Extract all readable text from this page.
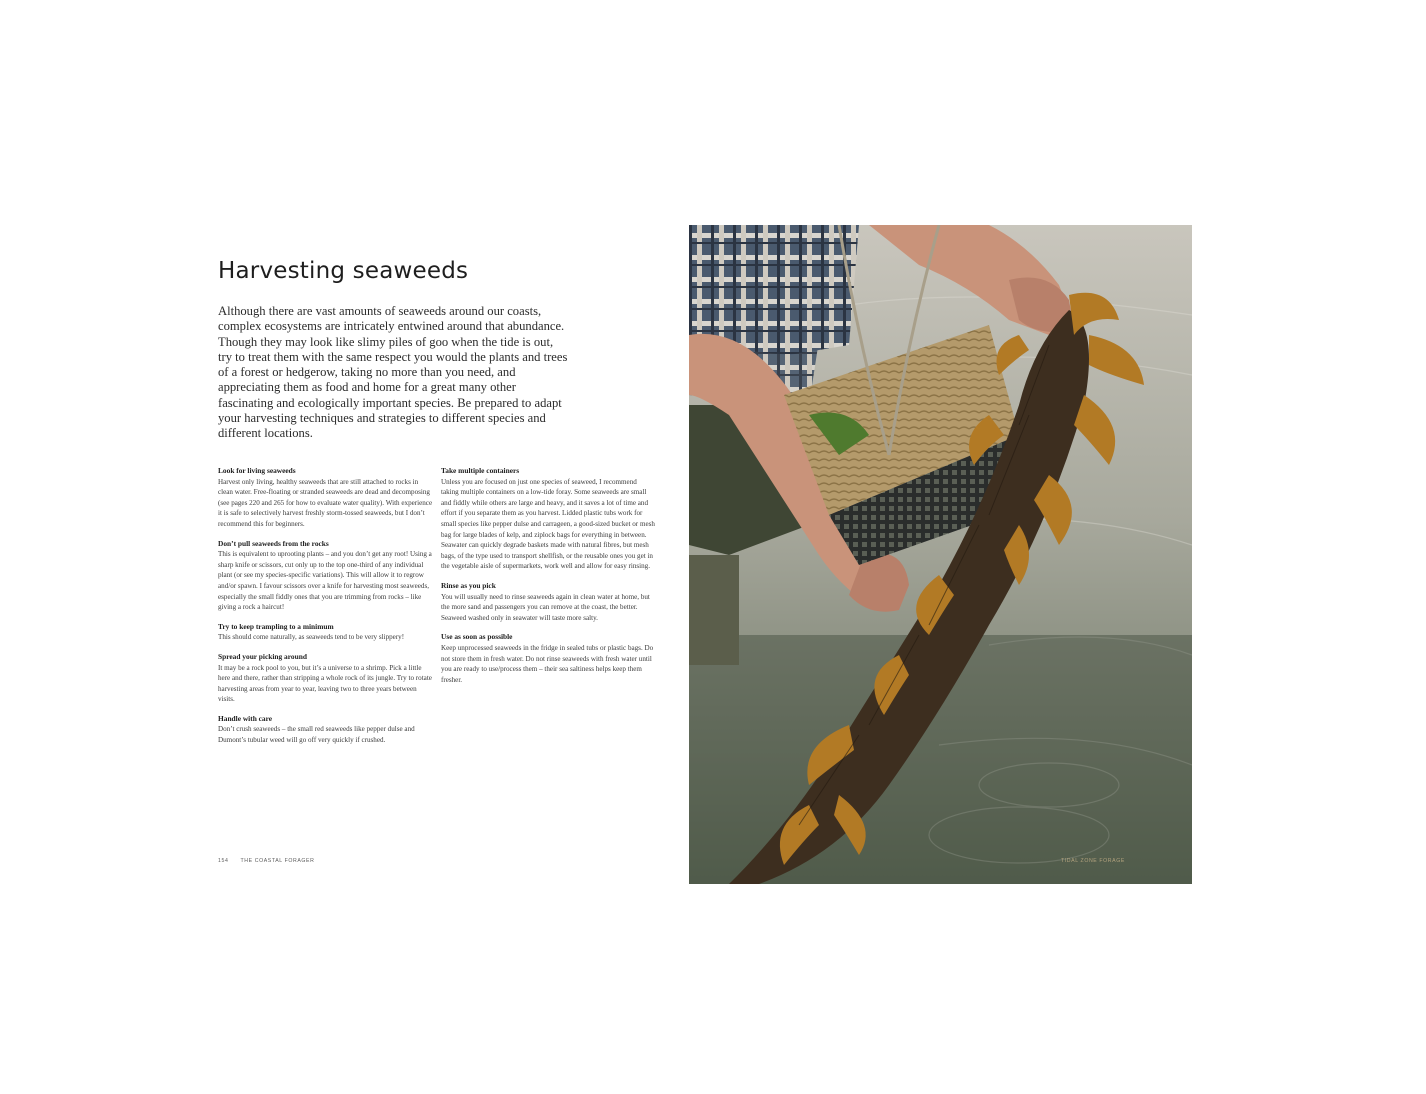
Harvesting seaweeds

Although there are vast amounts of seaweeds around our coasts, complex ecosystems are intricately entwined around that abundance. Though they may look like slimy piles of goo when the tide is out, try to treat them with the same respect you would the plants and trees of a forest or hedgerow, taking no more than you need, and appreciating them as food and home for a great many other fascinating and ecologically important species. Be prepared to adapt your harvesting techniques and strategies to different species and different locations.

Look for living seaweeds

Harvest only living, healthy seaweeds that are still attached to rocks in clean water. Free-floating or stranded seaweeds are dead and decomposing (see pages 220 and 265 for how to evaluate water quality). With experience it is safe to selectively harvest freshly storm-tossed seaweeds, but I don’t recommend this for beginners.

Don’t pull seaweeds from the rocks

This is equivalent to uprooting plants – and you don’t get any root! Using a sharp knife or scissors, cut only up to the top one-third of any individual plant (or see my species-specific variations). This will allow it to regrow and/or spawn. I favour scissors over a knife for harvesting most seaweeds, especially the small fiddly ones that you are trimming from rocks – like giving a rock a haircut!

Try to keep trampling to a minimum

This should come naturally, as seaweeds tend to be very slippery!

Spread your picking around

It may be a rock pool to you, but it’s a universe to a shrimp. Pick a little here and there, rather than stripping a whole rock of its jungle. Try to rotate harvesting areas from year to year, leaving two to three years between visits.

Handle with care

Don’t crush seaweeds – the small red seaweeds like pepper dulse and Dumont’s tubular weed will go off very quickly if crushed.

Take multiple containers

Unless you are focused on just one species of seaweed, I recommend taking multiple containers on a low-tide foray. Some seaweeds are small and fiddly while others are large and heavy, and it saves a lot of time and effort if you separate them as you harvest. Lidded plastic tubs work for small species like pepper dulse and carrageen, a good-sized bucket or mesh bag for large blades of kelp, and ziplock bags for everything in between. Seawater can quickly degrade baskets made with natural fibres, but mesh bags, of the type used to transport shellfish, or the reusable ones you get in the vegetable aisle of supermarkets, work well and allow for easy rinsing.

Rinse as you pick

You will usually need to rinse seaweeds again in clean water at home, but the more sand and passengers you can remove at the coast, the better. Seaweed washed only in seawater will taste more salty.

Use as soon as possible

Keep unprocessed seaweeds in the fridge in sealed tubs or plastic bags. Do not store them in fresh water. Do not rinse seaweeds with fresh water until you are ready to use/process them – their sea saltiness helps keep them fresher.

154 THE COASTAL FORAGER	TIDAL ZONE FORAGE
